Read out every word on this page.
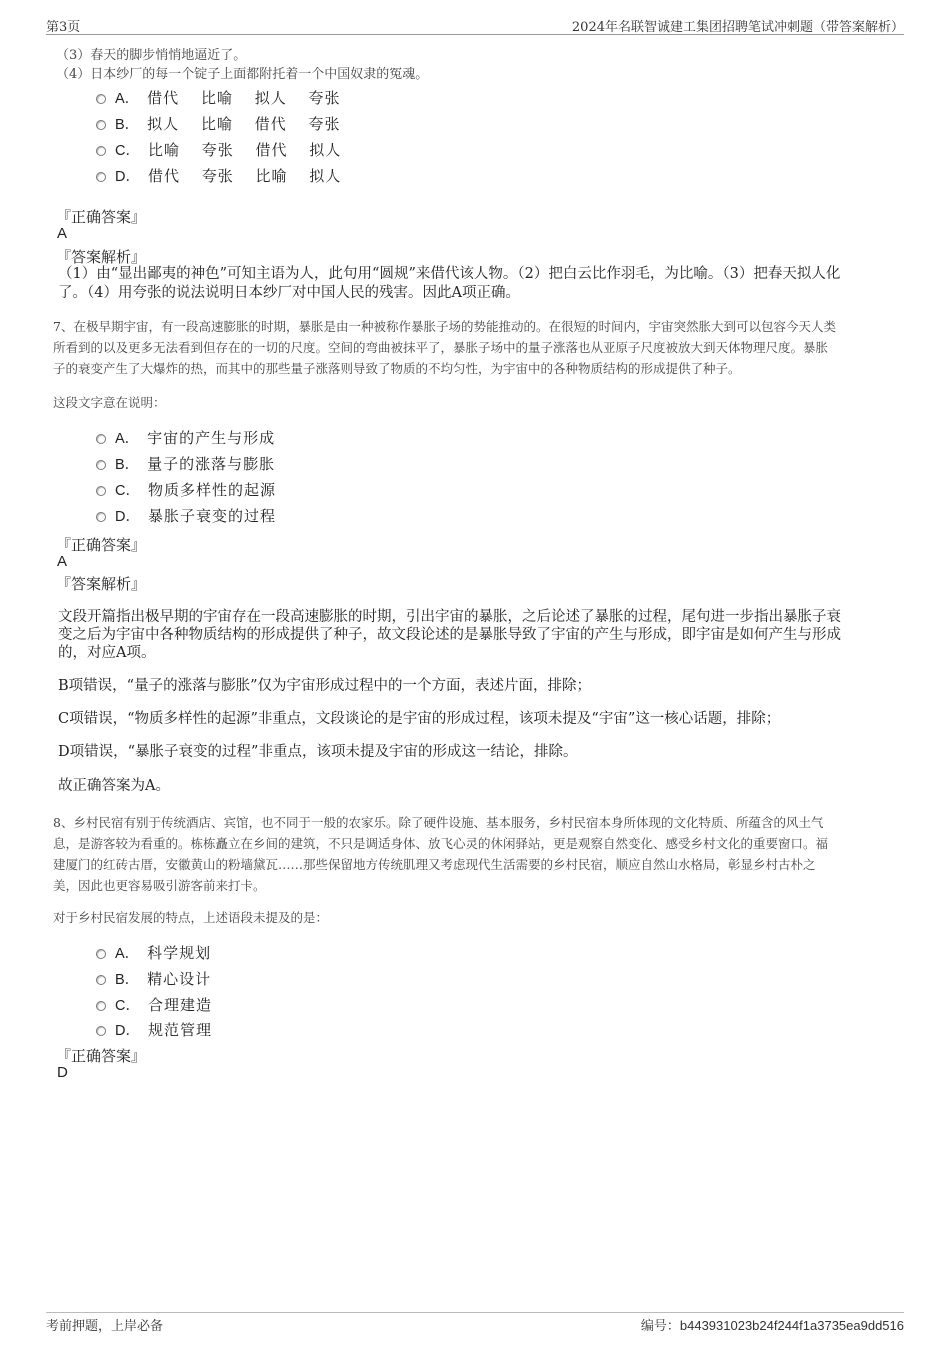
第3页	2024年名联智诚建工集团招聘笔试冲刺题（带答案解析）
（3）春天的脚步悄悄地逼近了。
（4）日本纱厂的每一个锭子上面都附托着一个中国奴隶的冤魂。
A． 借代　 比喻　 拟人　 夸张
B． 拟人　 比喻　 借代　 夸张
C． 比喻　 夸张　 借代　 拟人
D． 借代　 夸张　 比喻　 拟人
『正确答案』
A
『答案解析』
（1）由“显出鄙夷的神色”可知主语为人，此句用“圆规”来借代该人物。（2）把白云比作羽毛，为比喻。（3）把春天拟人化
了。（4）用夸张的说法说明日本纱厂对中国人民的残害。因此A项正确。
7、在极早期宇宙，有一段高速膨胀的时期，暴胀是由一种被称作暴胀子场的势能推动的。在很短的时间内，宇宙突然胀大到可以包容今天人类
所看到的以及更多无法看到但存在的一切的尺度。空间的弯曲被抹平了，暴胀子场中的量子涨落也从亚原子尺度被放大到天体物理尺度。暴胀
子的衰变产生了大爆炸的热，而其中的那些量子涨落则导致了物质的不均匀性，为宇宙中的各种物质结构的形成提供了种子。
这段文字意在说明：
A． 宇宙的产生与形成
B． 量子的涨落与膨胀
C． 物质多样性的起源
D． 暴胀子衰变的过程
『正确答案』
A
『答案解析』
文段开篇指出极早期的宇宙存在一段高速膨胀的时期，引出宇宙的暴胀，之后论述了暴胀的过程，尾句进一步指出暴胀子衰
变之后为宇宙中各种物质结构的形成提供了种子，故文段论述的是暴胀导致了宇宙的产生与形成，即宇宙是如何产生与形成
的，对应A项。
B项错误，“量子的涨落与膨胀”仅为宇宙形成过程中的一个方面，表述片面，排除；
C项错误，“物质多样性的起源”非重点，文段谈论的是宇宙的形成过程，该项未提及“宇宙”这一核心话题，排除；
D项错误，“暴胀子衰变的过程”非重点，该项未提及宇宙的形成这一结论，排除。
故正确答案为A。
8、乡村民宿有别于传统酒店、宾馆，也不同于一般的农家乐。除了硬件设施、基本服务，乡村民宿本身所体现的文化特质、所蕴含的风土气
息，是游客较为看重的。栋栋矗立在乡间的建筑，不只是调适身体、放飞心灵的休闲驿站，更是观察自然变化、感受乡村文化的重要窗口。福
建厦门的红砖古厝，安徽黄山的粉墙黛瓦……那些保留地方传统肌理又考虑现代生活需要的乡村民宿，顺应自然山水格局，彰显乡村古朴之
美，因此也更容易吸引游客前来打卡。
对于乡村民宿发展的特点，上述语段未提及的是：
A． 科学规划
B． 精心设计
C． 合理建造
D． 规范管理
『正确答案』
D
考前押题，上岸必备	编号：b443931023b24f244f1a3735ea9dd516
